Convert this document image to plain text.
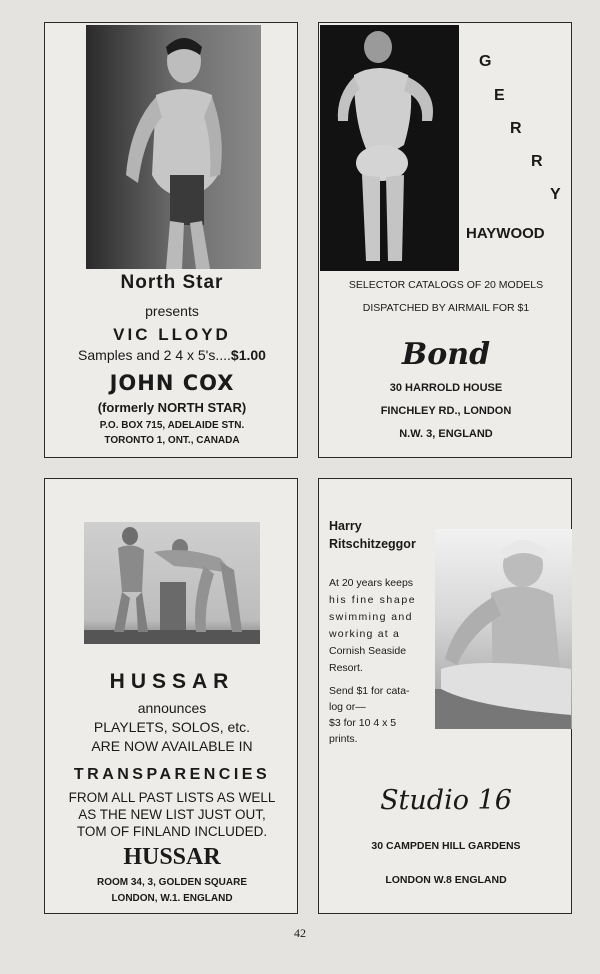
North Star
presents
VIC LLOYD
Samples and 2 4 x 5's....$1.00
JOHN COX
(formerly NORTH STAR)
P.O. BOX 715, ADELAIDE STN.
TORONTO 1, ONT., CANADA
G
E
R
R
Y
HAYWOOD
SELECTOR CATALOGS OF 20 MODELS
DISPATCHED BY AIRMAIL FOR $1
Bond
30 HARROLD HOUSE
FINCHLEY RD., LONDON
N.W. 3, ENGLAND
HUSSAR
announces
PLAYLETS, SOLOS, etc.
ARE NOW AVAILABLE IN
TRANSPARENCIES
FROM ALL PAST LISTS AS WELL
AS THE NEW LIST JUST OUT,
TOM OF FINLAND INCLUDED.
HUSSAR
ROOM 34, 3, GOLDEN SQUARE
LONDON, W.1. ENGLAND
Harry
Ritschitzeggor
At 20 years keeps
his fine shape
swimming and
working at a
Cornish Seaside
Resort.
Send $1 for cata-
log or—
$3 for 10 4 x 5
prints.
Studio 16
30 CAMPDEN HILL GARDENS
LONDON W.8 ENGLAND
42
